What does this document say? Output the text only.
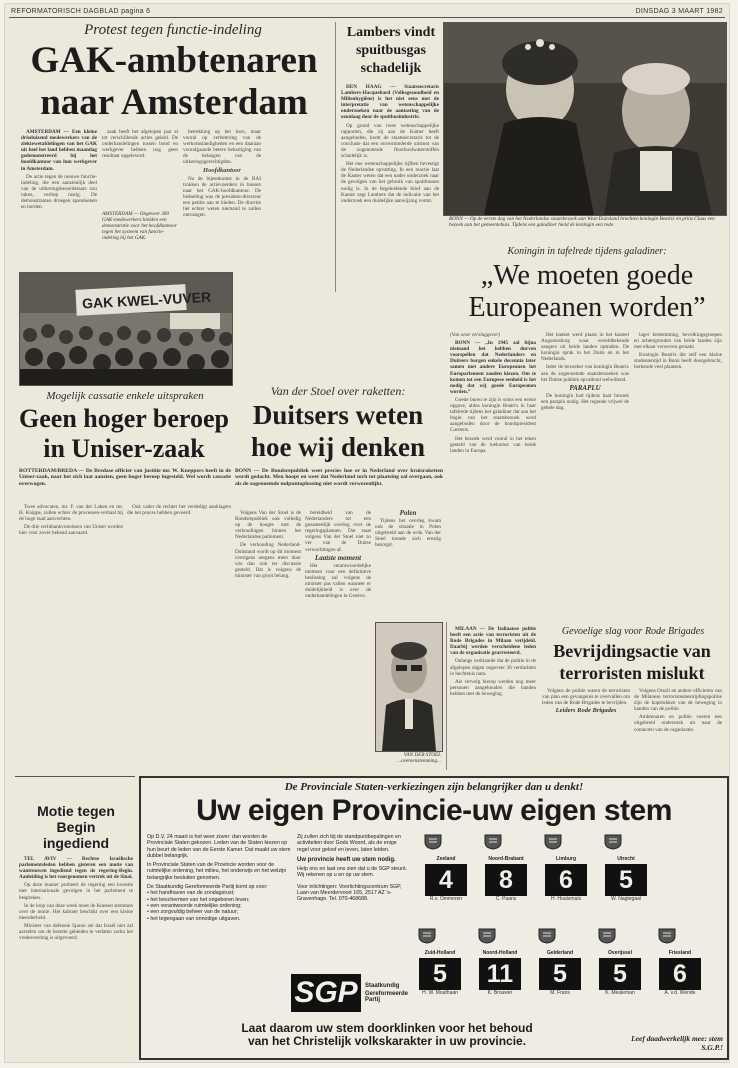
REFORMATORISCH DAGBLAD pagina 6	DINSDAG 3 MAART 1982
Protest tegen functie-indeling
GAK-ambtenaren
naar Amsterdam

AMSTERDAM — Een kleine drieduizend medewerkers van de ziektewetafdelingen van het GAK uit heel het land hebben maandag gedemonstreerd bij het hoofdkantoor van hun werkgever in Amsterdam.

De actie tegen de nieuwe functie-indeling, die een aanzienlijk deel van de uitkeringsbeoordelaars zou raken, verliep rustig. De demonstranten droegen spandoeken en borden.

zaak heeft het afgelopen jaar al tot verschillende acties geleid. De onderhandelingen tussen bond en werkgever hebben nog geen resultaat opgeleverd.

AMSTERDAM — Ongeveer 300 GAK-medewerkers hielden een demonstratie voor het hoofdkantoor tegen het systeem van functie-indeling bij het GAK.

betrekking op het loon, maar vooral op verbetering van de werkomstandigheden en een daaraan voorafgaande betere behartiging van de belangen van de uitkeringsgerechtigden.

Hoofdkantoor

Na de bijeenkomst in de RAI trokken de actievoerders in bussen naar het GAK-hoofdkantoor. De bedoeling was de president-directeur een petitie aan te bieden. De directie liet echter weten niemand te zullen ontvangen.

GAK KWEL-VUVER
Lambers vindt
spuitbusgas
schadelijk

DEN HAAG — Staatssecretaris Lambers-Hacquebard (Volksgezondheid en Milieuhygiëne) is het niet eens met de interpretatie van wetenschappelijke onderzoeken naar de aantasting van de ozonlaag door de spuitbusindustrie.

Op grond van twee wetenschappelijke rapporten, die zij aan de Kamer heeft aangeboden, komt de staatssecretaris tot de conclusie dat een onverminderde uitstoot van de zogenoemde fluorkoolwaterstoffen schadelijk is.

Het ene wetenschappelijke rijfben bevestigt de Nederlandse opvatting. In een reactie laat de Kamer weten dat een nader onderzoek naar de gevolgen van het gebruik van spuitbussen nodig is. In de begeleidende brief aan de Kamer zegt Lambers dat de indicatie van het onderzoek een duidelijke aanwijzing vormt.

BONN — Op de eerste dag van het Nederlandse staatsbezoek aan West-Duitsland brachten koningin Beatrix en prins Claus een bezoek aan het gemeentehuis. Tijdens een galadiner hield de koningin een rede.
Koningin in tafelrede tijdens galadiner:
„We moeten goede
Europeanen worden”

(Van onze verslaggever)

BONN — „In 1945 zal bijna niemand het hebben durven voorspellen dat Nederlanders en Duitsers borgen enkele decennia later samen met andere Europeanen het Europarlement zouden kiezen. Om te komen tot een Europese eenheid is het nodig dat wij goede Europeanen worden.”

Goede buren te zijn is soms een eerste opgave, aldus koningin Beatrix in haar tafelrede tijdens het galadiner dat aan het begin van het staatsbezoek werd aangeboden door de bondspresident Carstens.

Het bezoek werd vooral in het teken gesteld van de toekomst van beide landen in Europa.

Het banket werd plaats in het kasteel Augustusburg waar wereldbekende zangers uit beide landen optraden. De koningin sprak in het Duits en in het Nederlands.

Ieder de bezoeker van koningin Beatrix aan de zogenoemde staatsbezoeken was het Duitse publiek opvallend welwillend.

PARAPLU

De koningin had tijdens haar bezoek een paraplu nodig. Het regende vrijwel de gehele dag.

lager bestemming, bevolkingsgroepen en achtergronden van beide landen zijn met elkaar verweven geraakt.

Koningin Beatrix die zelf een kleine studententijd in Bonn heeft doorgebracht, herkende veel plaatsen.

Van der Stoel over raketten:
Duitsers weten
hoe wij denken
BONN — De Bondsrepubliek weet precies hoe er in Nederland over kruisraketten wordt gedacht. Men hoopt en weet dat Nederland toch tot plaatsing zal overgaan, ook als de zogenoemde nulpuntoplossing niet wordt verwezenlijkt.

Volgens Van der Stoel is de Bondsrepubliek ook volledig op de hoogte met de verhoudingen binnen het Nederlandse parlement.

De verhouding Nederland-Duitsland wordt op dit moment overigens nergens meer door wie dan ook ter discussie gesteld. Dat is volgens de minister van groot belang.

bereidheid van de Nederlanders tot een gezamenlijk overleg over de regeringsplannen. Dat staat volgens Van der Stoel niet zo ver van de Duitse verwachtingen af.

Laatste moment

Het verantwoordelijke moment voor een definitieve beslissing zal volgens de minister pas vallen wanneer er duidelijkheid is over de onderhandelingen in Genève.

Polen

Tijdens het overleg kwam ook de situatie in Polen uitgebreid aan de orde. Van der Stoel toonde zich ernstig bezorgd.

VAN DER STOEL ...overeenstemming...
Mogelijk cassatie enkele uitspraken
Geen hoger beroep
in Uniser-zaak
ROTTERDAM/BREDA — De Bredase officier van justitie mr. W. Kneppers heeft in de Uniser-zaak, naar het zich laat aanzien, geen hoger beroep ingesteld. Wel wordt cassatie overwogen.

Twee advocaten, mr. F. van der Laken en mr. H. Knippe, zullen echter de processen-verbaal bij de hoge raad aanvechten.

De drie rechtbankvonnissen van Uniser worden hier voor zover bekend aanvaard.

Ook vader de rechter het verdedigt aanklagers die het proces hebben gevoerd.

MILAAN — De Italiaanse politie heeft een actie van terroristen uit de Rode Brigades in Milaan verijdeld. Daarbij werden verscheidene leden van de organisatie gearresteerd.

Onlangs verklaarde dat de politie in de afgelopen dagen ongeveer 30 verdachten in hechtenis nam.

Als vervolg hierop werden nog meer personen aangehouden die banden hebben met de beweging.

Gevoelige slag voor Rode Brigades
Bevrijdingsactie van
terroristen mislukt

Volgens de politie waren de terroristen van plan een gevangenis te overvallen om leden van de Rode Brigades te bevrijden.

Leiders Rode Brigades

Volgens Orsoli en andere officieren van de Milanese terroristenbestrijdingspolitie zijn de kopstukken van de beweging in handen van de politie.

Ambtenaren en politie voeren een uitgebreid onderzoek uit naar de contacten van de organisatie.

Motie tegen
Begin
ingediend

TEL AVIV — Rechtse Israëlische parlementsleden hebben gisteren een motie van wantrouwen ingediend tegen de regering-Begin. Aanleiding is het voorgenomen vertrek uit de Sinaï.

Op deze manier probeert de regering een kwestie met internationale gevolgen in het parlement te bespreken.

In de loop van deze week moet de Knesset stemmen over de motie. Het kabinet beschikt over een kleine meerderheid.

Minister van defensie Sjaron zei dat Israël niet zal aarzelen om de bezette gebieden te verlaten zodra het vredesverdrag is uitgevoerd.

De Provinciale Staten-verkiezingen zijn belangrijker dan u denkt!
Uw eigen Provincie-uw eigen stem
Op D.V. 24 maart is het weer zover: dan worden de Provinciale Staten gekozen. Leden van de Staten kiezen op hun beurt de leden van de Eerste Kamer. Dat maakt uw stem dubbel belangrijk.
In Provinciale Staten van de Provincie worden voor de ruimtelijke ordening, het milieu, het onderwijs en het welzijn belangrijke besluiten genomen.
De Staatkundig Gereformeerde Partij komt op voor:
• het handhaven van de zondagsrust;
• het beschermen van het ongeboren leven;
• een verantwoorde ruimtelijke ordening;
• een zorgvuldig beheer van de natuur;
• het tegengaan van onnodige uitgaven.
Zij zullen zich bij de standpuntbepalingen en activiteiten door Gods Woord, als de enige regel voor geloof en leven, laten leiden.
Uw provincie heeft uw stem nodig.
Help ons en laat ons zien dat u de SGP steunt. Wij rekenen op u en op uw stem.
Voor inlichtingen: Voorlichtingscentrum SGP, Laan van Meerdervoort 165, 2517 AZ 's-Gravenhage. Tel. 070-468688.
SGP	Staatkundig
Gereformeerde Partij
Zeeland
4
R.v. Ommeren
Noord-Brabant
8
C. Paans
Limburg
6
H. Houtsmuis
Utrecht
5
W. Nagtegaal
Zuid-Holland
5
H. W. Mouthaan
Noord-Holland
11
K. Brouwer
Gelderland
5
M. Frans
Overijssel
5
K. Meuleman
Friesland
6
A. v.d. Wende
Laat daarom uw stem doorklinken voor het behoud
van het Christelijk volkskarakter in uw provincie.	Leef daadwerkelijk mee: stem S.G.P.!
